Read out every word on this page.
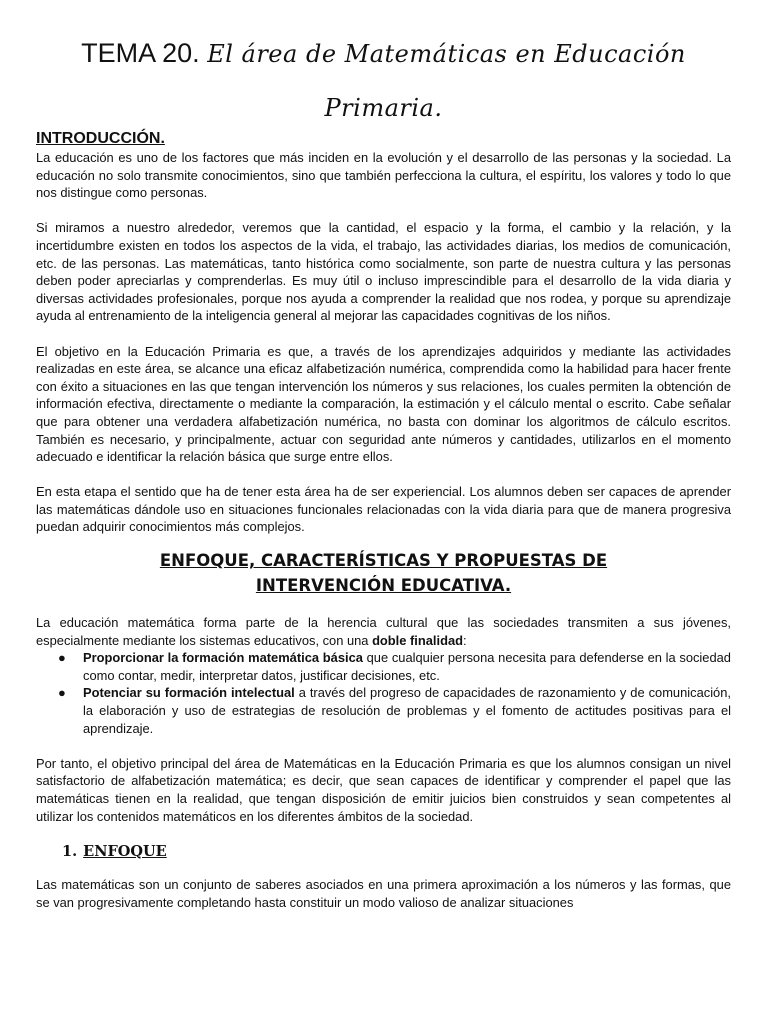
TEMA 20. El área de Matemáticas en Educación
Primaria.
INTRODUCCIÓN.

La educación es uno de los factores que más inciden en la evolución y el desarrollo de las personas y la sociedad. La educación no solo transmite conocimientos, sino que también perfecciona la cultura, el espíritu, los valores y todo lo que nos distingue como personas.

Si miramos a nuestro alrededor, veremos que la cantidad, el espacio y la forma, el cambio y la relación, y la incertidumbre existen en todos los aspectos de la vida, el trabajo, las actividades diarias, los medios de comunicación, etc. de las personas. Las matemáticas, tanto histórica como socialmente, son parte de nuestra cultura y las personas deben poder apreciarlas y comprenderlas. Es muy útil o incluso imprescindible para el desarrollo de la vida diaria y diversas actividades profesionales, porque nos ayuda a comprender la realidad que nos rodea, y porque su aprendizaje ayuda al entrenamiento de la inteligencia general al mejorar las capacidades cognitivas de los niños.

El objetivo en la Educación Primaria es que, a través de los aprendizajes adquiridos y mediante las actividades realizadas en este área, se alcance una eficaz alfabetización numérica, comprendida como la habilidad para hacer frente con éxito a situaciones en las que tengan intervención los números y sus relaciones, los cuales permiten la obtención de información efectiva, directamente o mediante la comparación, la estimación y el cálculo mental o escrito. Cabe señalar que para obtener una verdadera alfabetización numérica, no basta con dominar los algoritmos de cálculo escritos. También es necesario, y principalmente, actuar con seguridad ante números y cantidades, utilizarlos en el momento adecuado e identificar la relación básica que surge entre ellos.

En esta etapa el sentido que ha de tener esta área ha de ser experiencial. Los alumnos deben ser capaces de aprender las matemáticas dándole uso en situaciones funcionales relacionadas con la vida diaria para que de manera progresiva puedan adquirir conocimientos más complejos.

ENFOQUE, CARACTERÍSTICAS Y PROPUESTAS DE
INTERVENCIÓN EDUCATIVA.

La educación matemática forma parte de la herencia cultural que las sociedades transmiten a sus jóvenes, especialmente mediante los sistemas educativos, con una doble finalidad:

● Proporcionar la formación matemática básica que cualquier persona necesita para defenderse en la sociedad como contar, medir, interpretar datos, justificar decisiones, etc.
● Potenciar su formación intelectual a través del progreso de capacidades de razonamiento y de comunicación, la elaboración y uso de estrategias de resolución de problemas y el fomento de actitudes positivas para el aprendizaje.

Por tanto, el objetivo principal del área de Matemáticas en la Educación Primaria es que los alumnos consigan un nivel satisfactorio de alfabetización matemática; es decir, que sean capaces de identificar y comprender el papel que las matemáticas tienen en la realidad, que tengan disposición de emitir juicios bien construidos y sean competentes al utilizar los contenidos matemáticos en los diferentes ámbitos de la sociedad.

1. ENFOQUE

Las matemáticas son un conjunto de saberes asociados en una primera aproximación a los números y las formas, que se van progresivamente completando hasta constituir un modo valioso de analizar situaciones
